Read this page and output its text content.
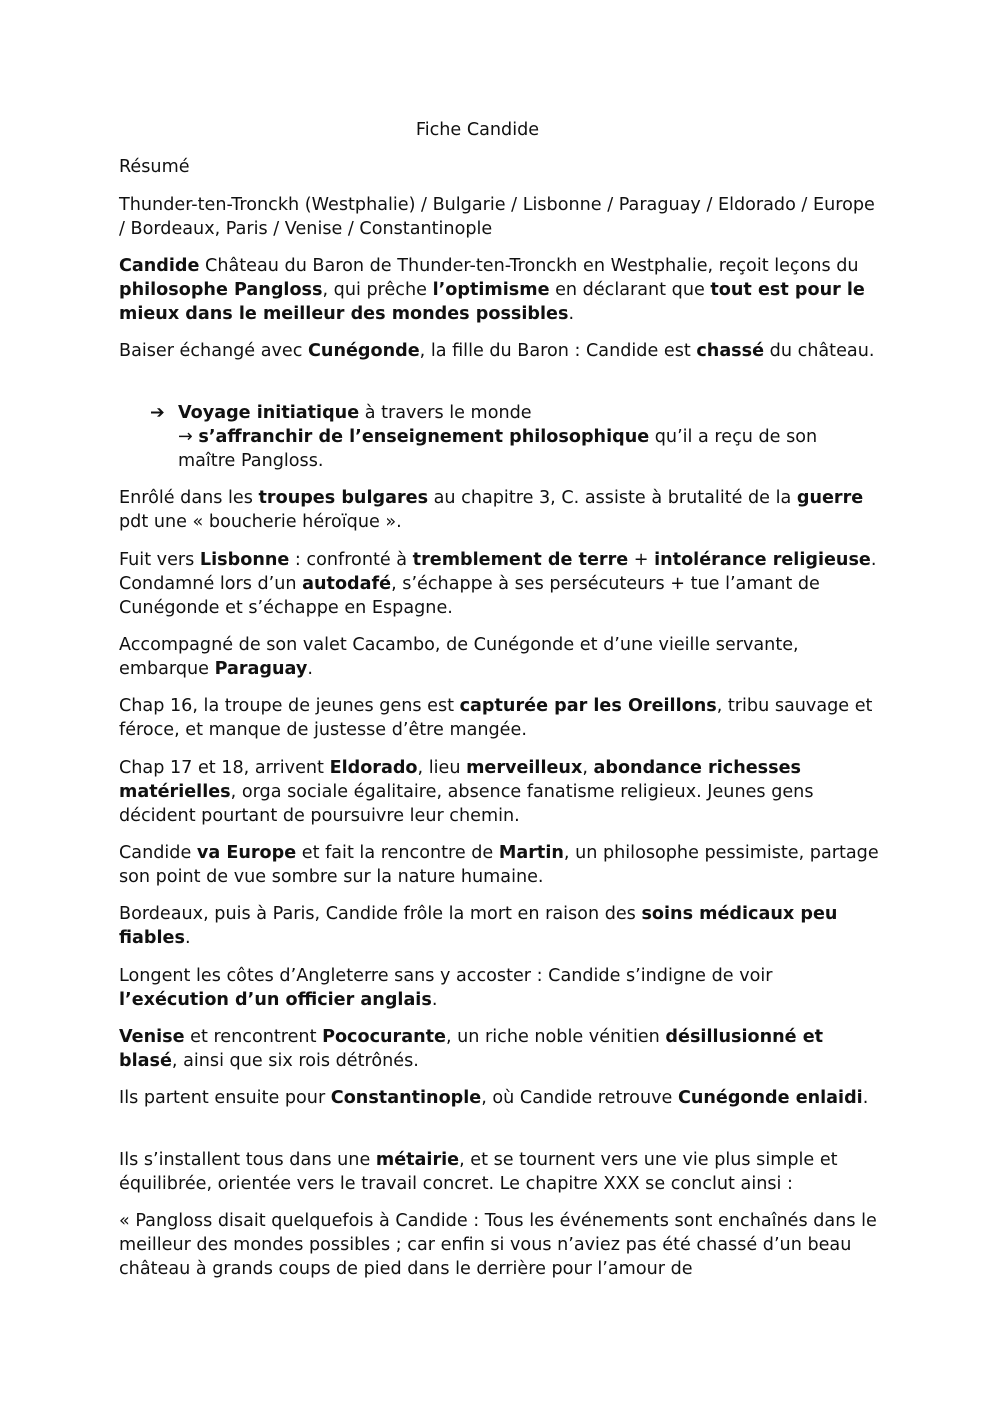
Fiche Candide

Résumé

Thunder-ten-Tronckh (Westphalie) / Bulgarie / Lisbonne / Paraguay / Eldorado / Europe / Bordeaux, Paris / Venise / Constantinople

Candide Château du Baron de Thunder-ten-Tronckh en Westphalie, reçoit leçons du philosophe Pangloss, qui prêche l’optimisme en déclarant que tout est pour le mieux dans le meilleur des mondes possibles.

Baiser échangé avec Cunégonde, la fille du Baron : Candide est chassé du château.

➔ Voyage initiatique à travers le monde

→ s’affranchir de l’enseignement philosophique qu’il a reçu de son maître Pangloss.

Enrôlé dans les troupes bulgares au chapitre 3, C. assiste à brutalité de la guerre pdt une « boucherie héroïque ».

Fuit vers Lisbonne : confronté à tremblement de terre + intolérance religieuse. Condamné lors d’un autodafé, s’échappe à ses persécuteurs + tue l’amant de Cunégonde et s’échappe en Espagne.

Accompagné de son valet Cacambo, de Cunégonde et d’une vieille servante, embarque Paraguay.

Chap 16, la troupe de jeunes gens est capturée par les Oreillons, tribu sauvage et féroce, et manque de justesse d’être mangée.

Chap 17 et 18, arrivent Eldorado, lieu merveilleux, abondance richesses matérielles, orga sociale égalitaire, absence fanatisme religieux. Jeunes gens décident pourtant de poursuivre leur chemin.

Candide va Europe et fait la rencontre de Martin, un philosophe pessimiste, partage son point de vue sombre sur la nature humaine.

Bordeaux, puis à Paris, Candide frôle la mort en raison des soins médicaux peu fiables.

Longent les côtes d’Angleterre sans y accoster : Candide s’indigne de voir l’exécution d’un officier anglais.

Venise et rencontrent Pococurante, un riche noble vénitien désillusionné et blasé, ainsi que six rois détrônés.

Ils partent ensuite pour Constantinople, où Candide retrouve Cunégonde enlaidi.

Ils s’installent tous dans une métairie, et se tournent vers une vie plus simple et équilibrée, orientée vers le travail concret. Le chapitre XXX se conclut ainsi :

« Pangloss disait quelquefois à Candide : Tous les événements sont enchaînés dans le meilleur des mondes possibles ; car enfin si vous n’aviez pas été chassé d’un beau château à grands coups de pied dans le derrière pour l’amour de
